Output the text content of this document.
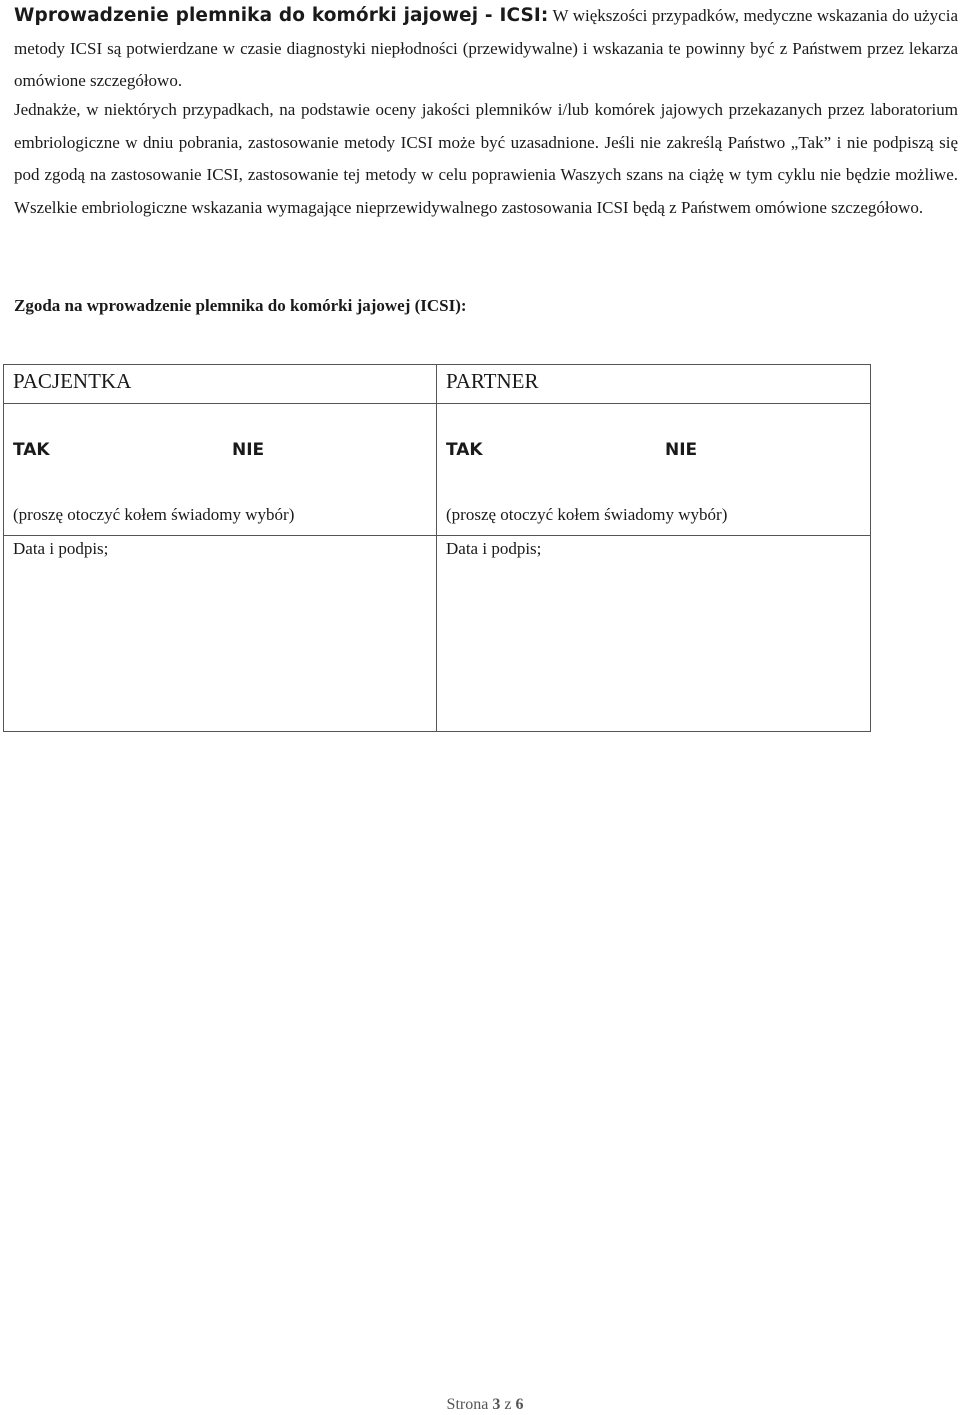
Wprowadzenie plemnika do komórki jajowej - ICSI: W większości przypadków, medyczne wskazania do użycia metody ICSI są potwierdzane w czasie diagnostyki niepłodności (przewidywalne) i wskazania te powinny być z Państwem przez lekarza omówione szczegółowo.
Jednakże, w niektórych przypadkach, na podstawie oceny jakości plemników i/lub komórek jajowych przekazanych przez laboratorium embriologiczne w dniu pobrania, zastosowanie metody ICSI może być uzasadnione. Jeśli nie zakreślą Państwo „Tak” i nie podpiszą się pod zgodą na zastosowanie ICSI, zastosowanie tej metody w celu poprawienia Waszych szans na ciążę w tym cyklu nie będzie możliwe. Wszelkie embriologiczne wskazania wymagające nieprzewidywalnego zastosowania ICSI będą z Państwem omówione szczegółowo.
Zgoda na wprowadzenie plemnika do komórki jajowej (ICSI):
PACJENTKA
TAK	NIE
(proszę otoczyć kołem świadomy wybór)
Data i podpis;
PARTNER
TAK	NIE
(proszę otoczyć kołem świadomy wybór)
Data i podpis;
Strona 3 z 6
